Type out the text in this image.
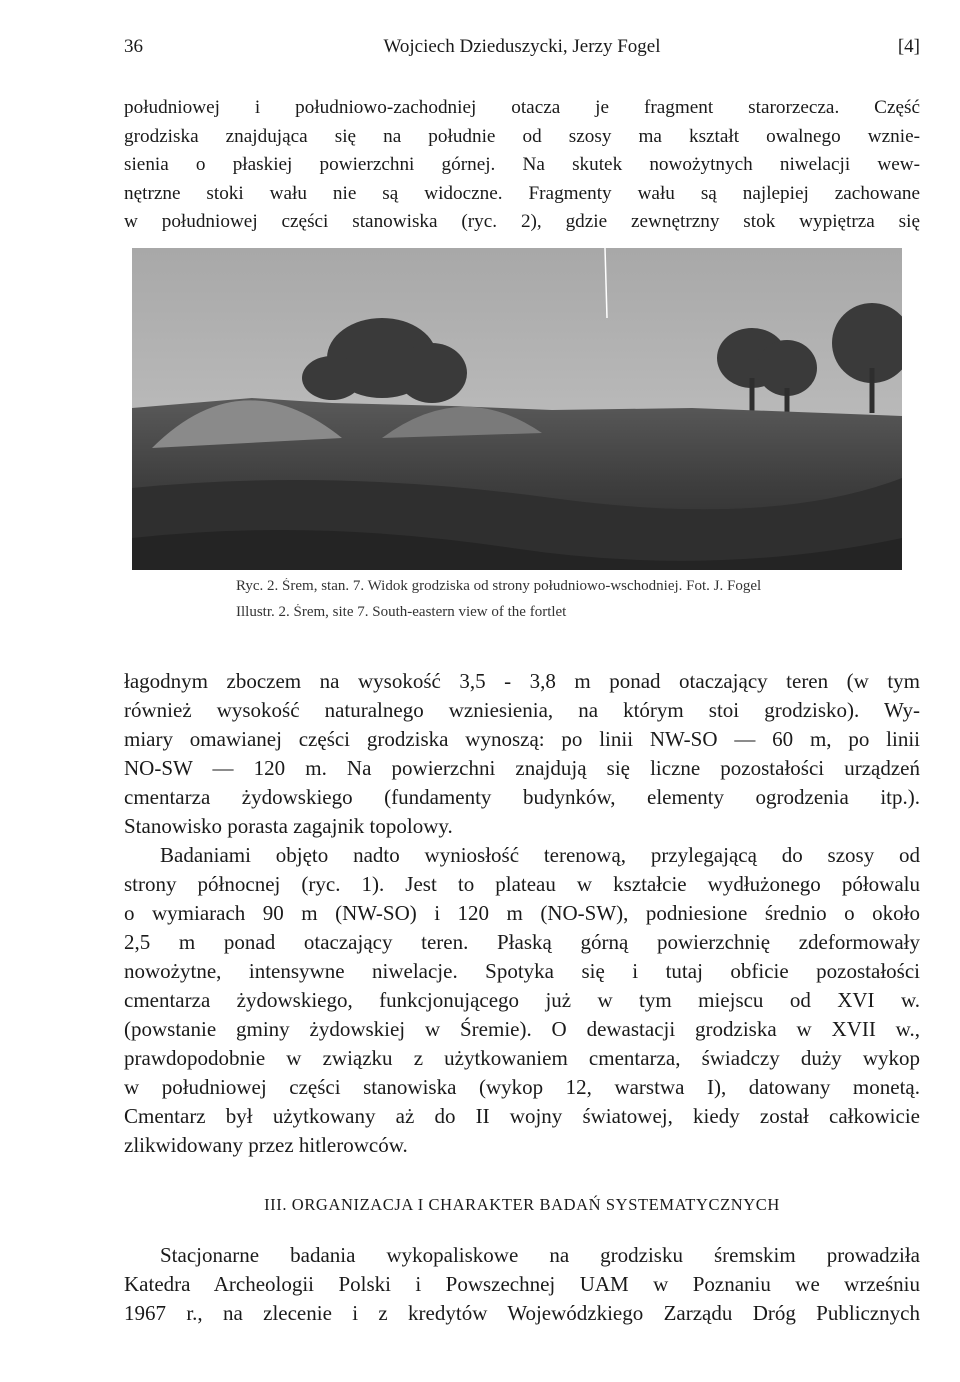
36	Wojciech Dzieduszycki, Jerzy Fogel	[4]
południowej i południowo-zachodniej otacza je fragment starorzecza. Część
grodziska znajdująca się na południe od szosy ma kształt owalnego wznie-
sienia o płaskiej powierzchni górnej. Na skutek nowożytnych niwelacji wew-
nętrzne stoki wału nie są widoczne. Fragmenty wału są najlepiej zachowane
w południowej części stanowiska (ryc. 2), gdzie zewnętrzny stok wypiętrza się
Ryc. 2. Śrem, stan. 7. Widok grodziska od strony południowo-wschodniej. Fot. J. Fogel
Illustr. 2. Śrem, site 7. South-eastern view of the fortlet
łagodnym zboczem na wysokość 3,5 - 3,8 m ponad otaczający teren (w tym
również wysokość naturalnego wzniesienia, na którym stoi grodzisko). Wy-
miary omawianej części grodziska wynoszą: po linii NW-SO — 60 m, po linii
NO-SW — 120 m. Na powierzchni znajdują się liczne pozostałości urządzeń
cmentarza żydowskiego (fundamenty budynków, elementy ogrodzenia itp.).
Stanowisko porasta zagajnik topolowy.
Badaniami objęto nadto wyniosłość terenową, przylegającą do szosy od
strony północnej (ryc. 1). Jest to plateau w kształcie wydłużonego półowalu
o wymiarach 90 m (NW-SO) i 120 m (NO-SW), podniesione średnio o około
2,5 m ponad otaczający teren. Płaską górną powierzchnię zdeformowały
nowożytne, intensywne niwelacje. Spotyka się i tutaj obficie pozostałości
cmentarza żydowskiego, funkcjonującego już w tym miejscu od XVI w.
(powstanie gminy żydowskiej w Śremie). O dewastacji grodziska w XVII w.,
prawdopodobnie w związku z użytkowaniem cmentarza, świadczy duży wykop
w południowej części stanowiska (wykop 12, warstwa I), datowany monetą.
Cmentarz był użytkowany aż do II wojny światowej, kiedy został całkowicie
zlikwidowany przez hitlerowców.
III. ORGANIZACJA I CHARAKTER BADAŃ SYSTEMATYCZNYCH
Stacjonarne badania wykopaliskowe na grodzisku śremskim prowadziła
Katedra Archeologii Polski i Powszechnej UAM w Poznaniu we wrześniu
1967 r., na zlecenie i z kredytów Wojewódzkiego Zarządu Dróg Publicznych
